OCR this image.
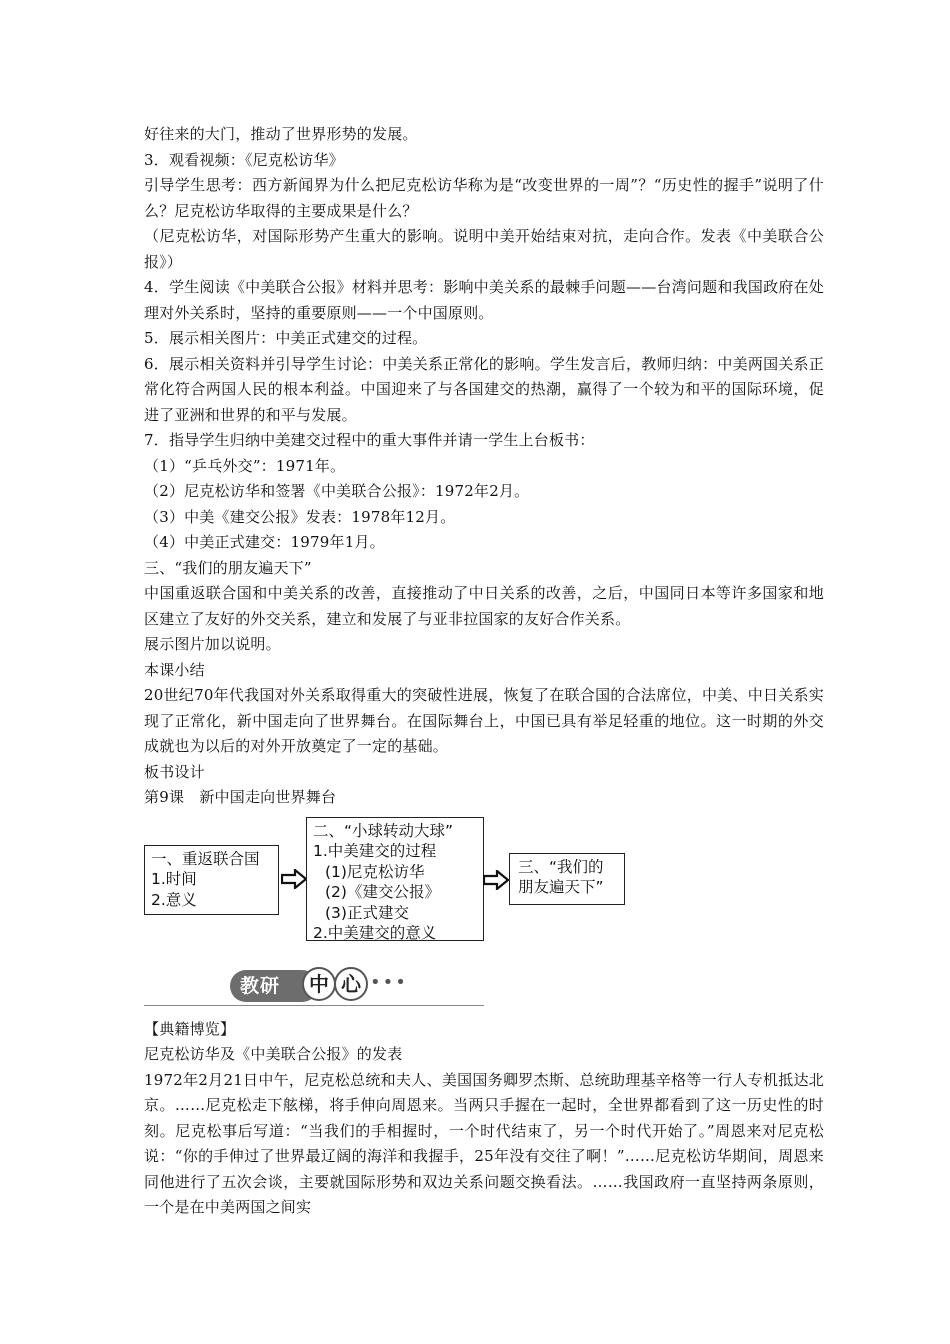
好往来的大门，推动了世界形势的发展。

3．观看视频：《尼克松访华》

引导学生思考：西方新闻界为什么把尼克松访华称为是“改变世界的一周”？“历史性的握手”说明了什么？尼克松访华取得的主要成果是什么？

（尼克松访华，对国际形势产生重大的影响。说明中美开始结束对抗，走向合作。发表《中美联合公报》）

4．学生阅读《中美联合公报》材料并思考：影响中美关系的最棘手问题——台湾问题和我国政府在处理对外关系时，坚持的重要原则——一个中国原则。

5．展示相关图片：中美正式建交的过程。

6．展示相关资料并引导学生讨论：中美关系正常化的影响。学生发言后，教师归纳：中美两国关系正常化符合两国人民的根本利益。中国迎来了与各国建交的热潮，赢得了一个较为和平的国际环境，促进了亚洲和世界的和平与发展。

7．指导学生归纳中美建交过程中的重大事件并请一学生上台板书：

（1）“乒乓外交”：1971年。

（2）尼克松访华和签署《中美联合公报》：1972年2月。

（3）中美《建交公报》发表：1978年12月。

（4）中美正式建交：1979年1月。

三、“我们的朋友遍天下”

中国重返联合国和中美关系的改善，直接推动了中日关系的改善，之后，中国同日本等许多国家和地区建立了友好的外交关系，建立和发展了与亚非拉国家的友好合作关系。

展示图片加以说明。

本课小结

20世纪70年代我国对外关系取得重大的突破性进展，恢复了在联合国的合法席位，中美、中日关系实现了正常化，新中国走向了世界舞台。在国际舞台上，中国已具有举足轻重的地位。这一时期的外交成就也为以后的对外开放奠定了一定的基础。

板书设计

第9课　新中国走向世界舞台

一、重返联合国
1.时间
2.意义
二、“小球转动大球”
1.中美建交的过程
(1)尼克松访华
(2)《建交公报》
(3)正式建交
2.中美建交的意义
三、“我们的
朋友遍天下”
教研	中 心 •••

【典籍博览】

尼克松访华及《中美联合公报》的发表

1972年2月21日中午，尼克松总统和夫人、美国国务卿罗杰斯、总统助理基辛格等一行人专机抵达北京。……尼克松走下舷梯，将手伸向周恩来。当两只手握在一起时，全世界都看到了这一历史性的时刻。尼克松事后写道：“当我们的手相握时，一个时代结束了，另一个时代开始了。”周恩来对尼克松说：“你的手伸过了世界最辽阔的海洋和我握手，25年没有交往了啊！”……尼克松访华期间，周恩来同他进行了五次会谈，主要就国际形势和双边关系问题交换看法。……我国政府一直坚持两条原则，一个是在中美两国之间实
